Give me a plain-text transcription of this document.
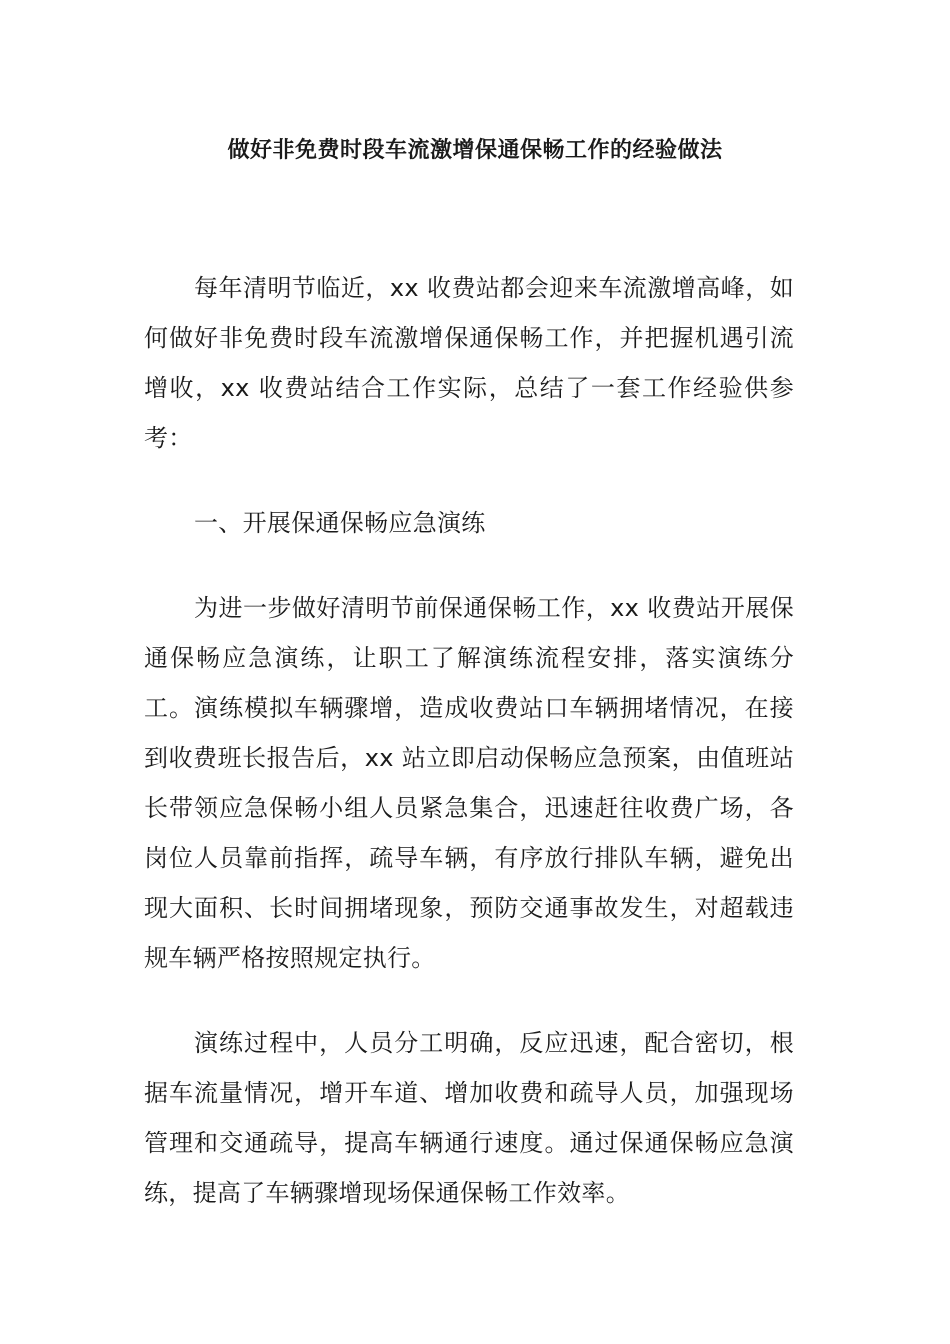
做好非免费时段车流激增保通保畅工作的经验做法

每年清明节临近，xx 收费站都会迎来车流激增高峰，如何做好非免费时段车流激增保通保畅工作，并把握机遇引流增收，xx 收费站结合工作实际，总结了一套工作经验供参考：

一、开展保通保畅应急演练

为进一步做好清明节前保通保畅工作，xx 收费站开展保通保畅应急演练，让职工了解演练流程安排，落实演练分工。演练模拟车辆骤增，造成收费站口车辆拥堵情况，在接到收费班长报告后，xx 站立即启动保畅应急预案，由值班站长带领应急保畅小组人员紧急集合，迅速赶往收费广场，各岗位人员靠前指挥，疏导车辆，有序放行排队车辆，避免出现大面积、长时间拥堵现象，预防交通事故发生，对超载违规车辆严格按照规定执行。

演练过程中，人员分工明确，反应迅速，配合密切，根据车流量情况，增开车道、增加收费和疏导人员，加强现场管理和交通疏导，提高车辆通行速度。通过保通保畅应急演练，提高了车辆骤增现场保通保畅工作效率。
